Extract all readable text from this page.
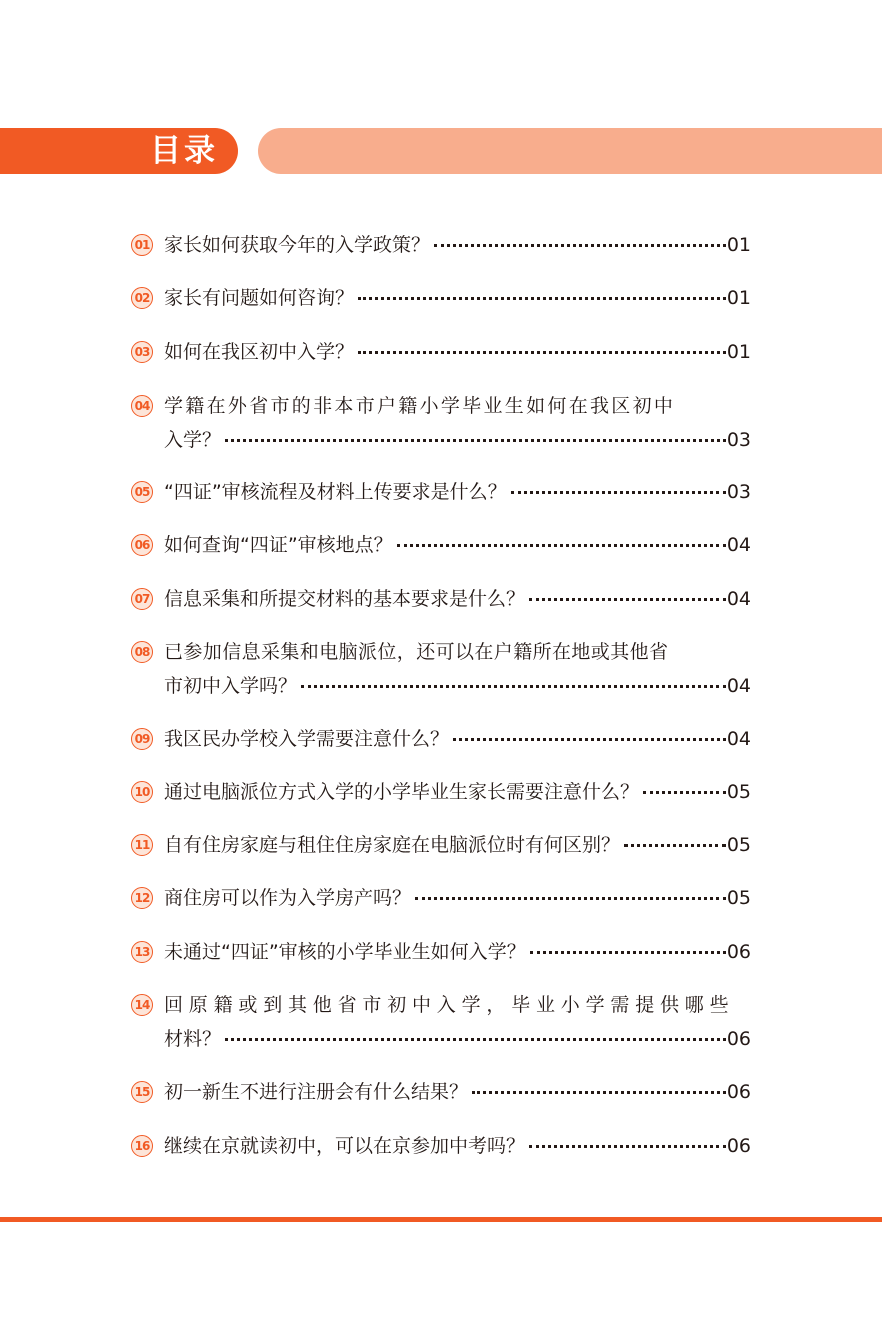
目录
01 家长如何获取今年的入学政策？	01
02 家长有问题如何咨询？	01
03 如何在我区初中入学？	01
04 学籍在外省市的非本市户籍小学毕业生如何在我区初中
入学？	03
05 “四证”审核流程及材料上传要求是什么？	03
06 如何查询“四证”审核地点？	04
07 信息采集和所提交材料的基本要求是什么？	04
08 已参加信息采集和电脑派位，还可以在户籍所在地或其他省
市初中入学吗？	04
09 我区民办学校入学需要注意什么？	04
10 通过电脑派位方式入学的小学毕业生家长需要注意什么？	05
11 自有住房家庭与租住住房家庭在电脑派位时有何区别？	05
12 商住房可以作为入学房产吗？	05
13 未通过“四证”审核的小学毕业生如何入学？	06
14 回原籍或到其他省市初中入学，毕业小学需提供哪些
材料？	06
15 初一新生不进行注册会有什么结果？	06
16 继续在京就读初中，可以在京参加中考吗？	06
